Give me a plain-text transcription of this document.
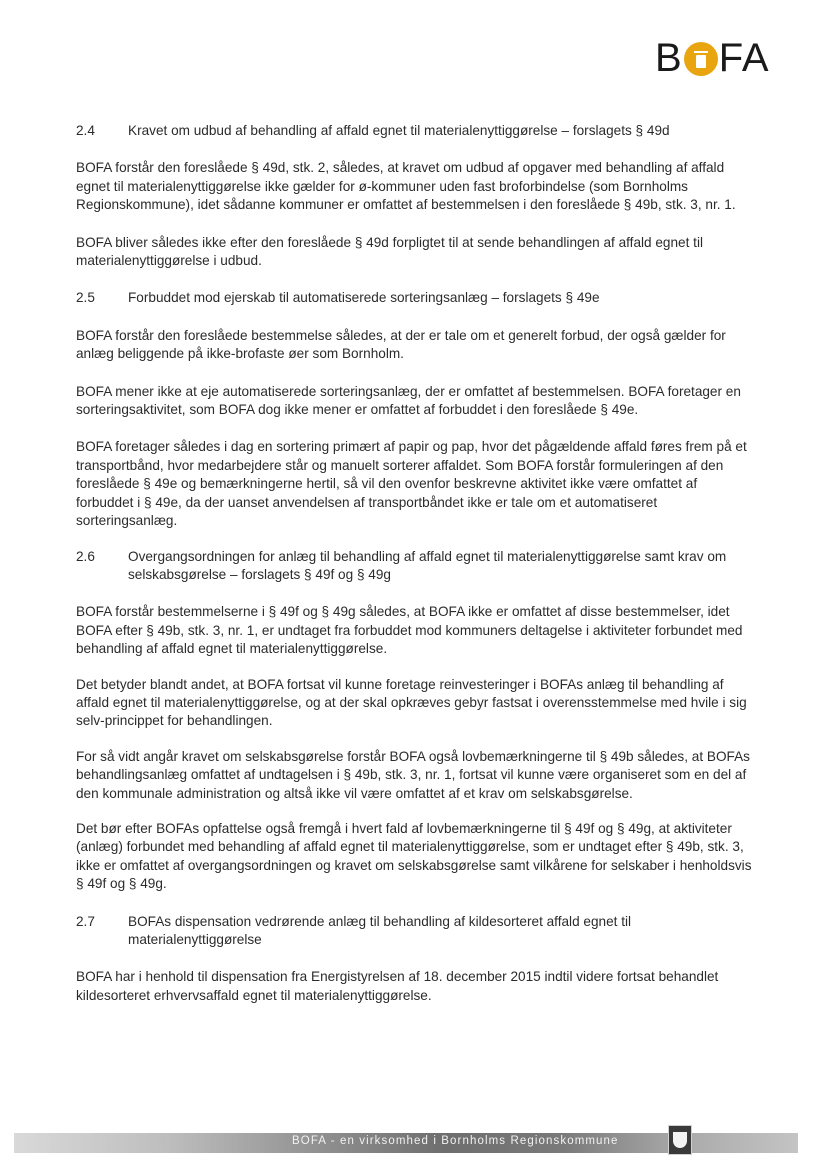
B FA
2.4	Kravet om udbud af behandling af affald egnet til materialenyttiggørelse – forslagets § 49d

BOFA forstår den foreslåede § 49d, stk. 2, således, at kravet om udbud af opgaver med behandling af affald egnet til materialenyttiggørelse ikke gælder for ø-kommuner uden fast broforbindelse (som Bornholms Regionskommune), idet sådanne kommuner er omfattet af bestemmelsen i den foreslåede § 49b, stk. 3, nr. 1.

BOFA bliver således ikke efter den foreslåede § 49d forpligtet til at sende behandlingen af affald egnet til materialenyttiggørelse i udbud.

2.5	Forbuddet mod ejerskab til automatiserede sorteringsanlæg – forslagets § 49e

BOFA forstår den foreslåede bestemmelse således, at der er tale om et generelt forbud, der også gælder for anlæg beliggende på ikke-brofaste øer som Bornholm.

BOFA mener ikke at eje automatiserede sorteringsanlæg, der er omfattet af bestemmelsen. BOFA foretager en sorteringsaktivitet, som BOFA dog ikke mener er omfattet af forbuddet i den foreslåede § 49e.

BOFA foretager således i dag en sortering primært af papir og pap, hvor det pågældende affald føres frem på et transportbånd, hvor medarbejdere står og manuelt sorterer affaldet. Som BOFA forstår formuleringen af den foreslåede § 49e og bemærkningerne hertil, så vil den ovenfor beskrevne aktivitet ikke være omfattet af forbuddet i § 49e, da der uanset anvendelsen af transportbåndet ikke er tale om et automatiseret sorteringsanlæg.

2.6	Overgangsordningen for anlæg til behandling af affald egnet til materialenyttiggørelse samt krav om selskabsgørelse – forslagets § 49f og § 49g

BOFA forstår bestemmelserne i § 49f og § 49g således, at BOFA ikke er omfattet af disse bestemmelser, idet BOFA efter § 49b, stk. 3, nr. 1, er undtaget fra forbuddet mod kommuners deltagelse i aktiviteter forbundet med behandling af affald egnet til materialenyttiggørelse.

Det betyder blandt andet, at BOFA fortsat vil kunne foretage reinvesteringer i BOFAs anlæg til behandling af affald egnet til materialenyttiggørelse, og at der skal opkræves gebyr fastsat i overensstemmelse med hvile i sig selv-princippet for behandlingen.

For så vidt angår kravet om selskabsgørelse forstår BOFA også lovbemærkningerne til § 49b således, at BOFAs behandlingsanlæg omfattet af undtagelsen i § 49b, stk. 3, nr. 1, fortsat vil kunne være organiseret som en del af den kommunale administration og altså ikke vil være omfattet af et krav om selskabsgørelse.

Det bør efter BOFAs opfattelse også fremgå i hvert fald af lovbemærkningerne til § 49f og § 49g, at aktiviteter (anlæg) forbundet med behandling af affald egnet til materialenyttiggørelse, som er undtaget efter § 49b, stk. 3, ikke er omfattet af overgangsordningen og kravet om selskabsgørelse samt vilkårene for selskaber i henholdsvis § 49f og § 49g.

2.7	BOFAs dispensation vedrørende anlæg til behandling af kildesorteret affald egnet til materialenyttiggørelse

BOFA har i henhold til dispensation fra Energistyrelsen af 18. december 2015 indtil videre fortsat behandlet kildesorteret erhvervsaffald egnet til materialenyttiggørelse.

BOFA - en virksomhed i Bornholms Regionskommune
